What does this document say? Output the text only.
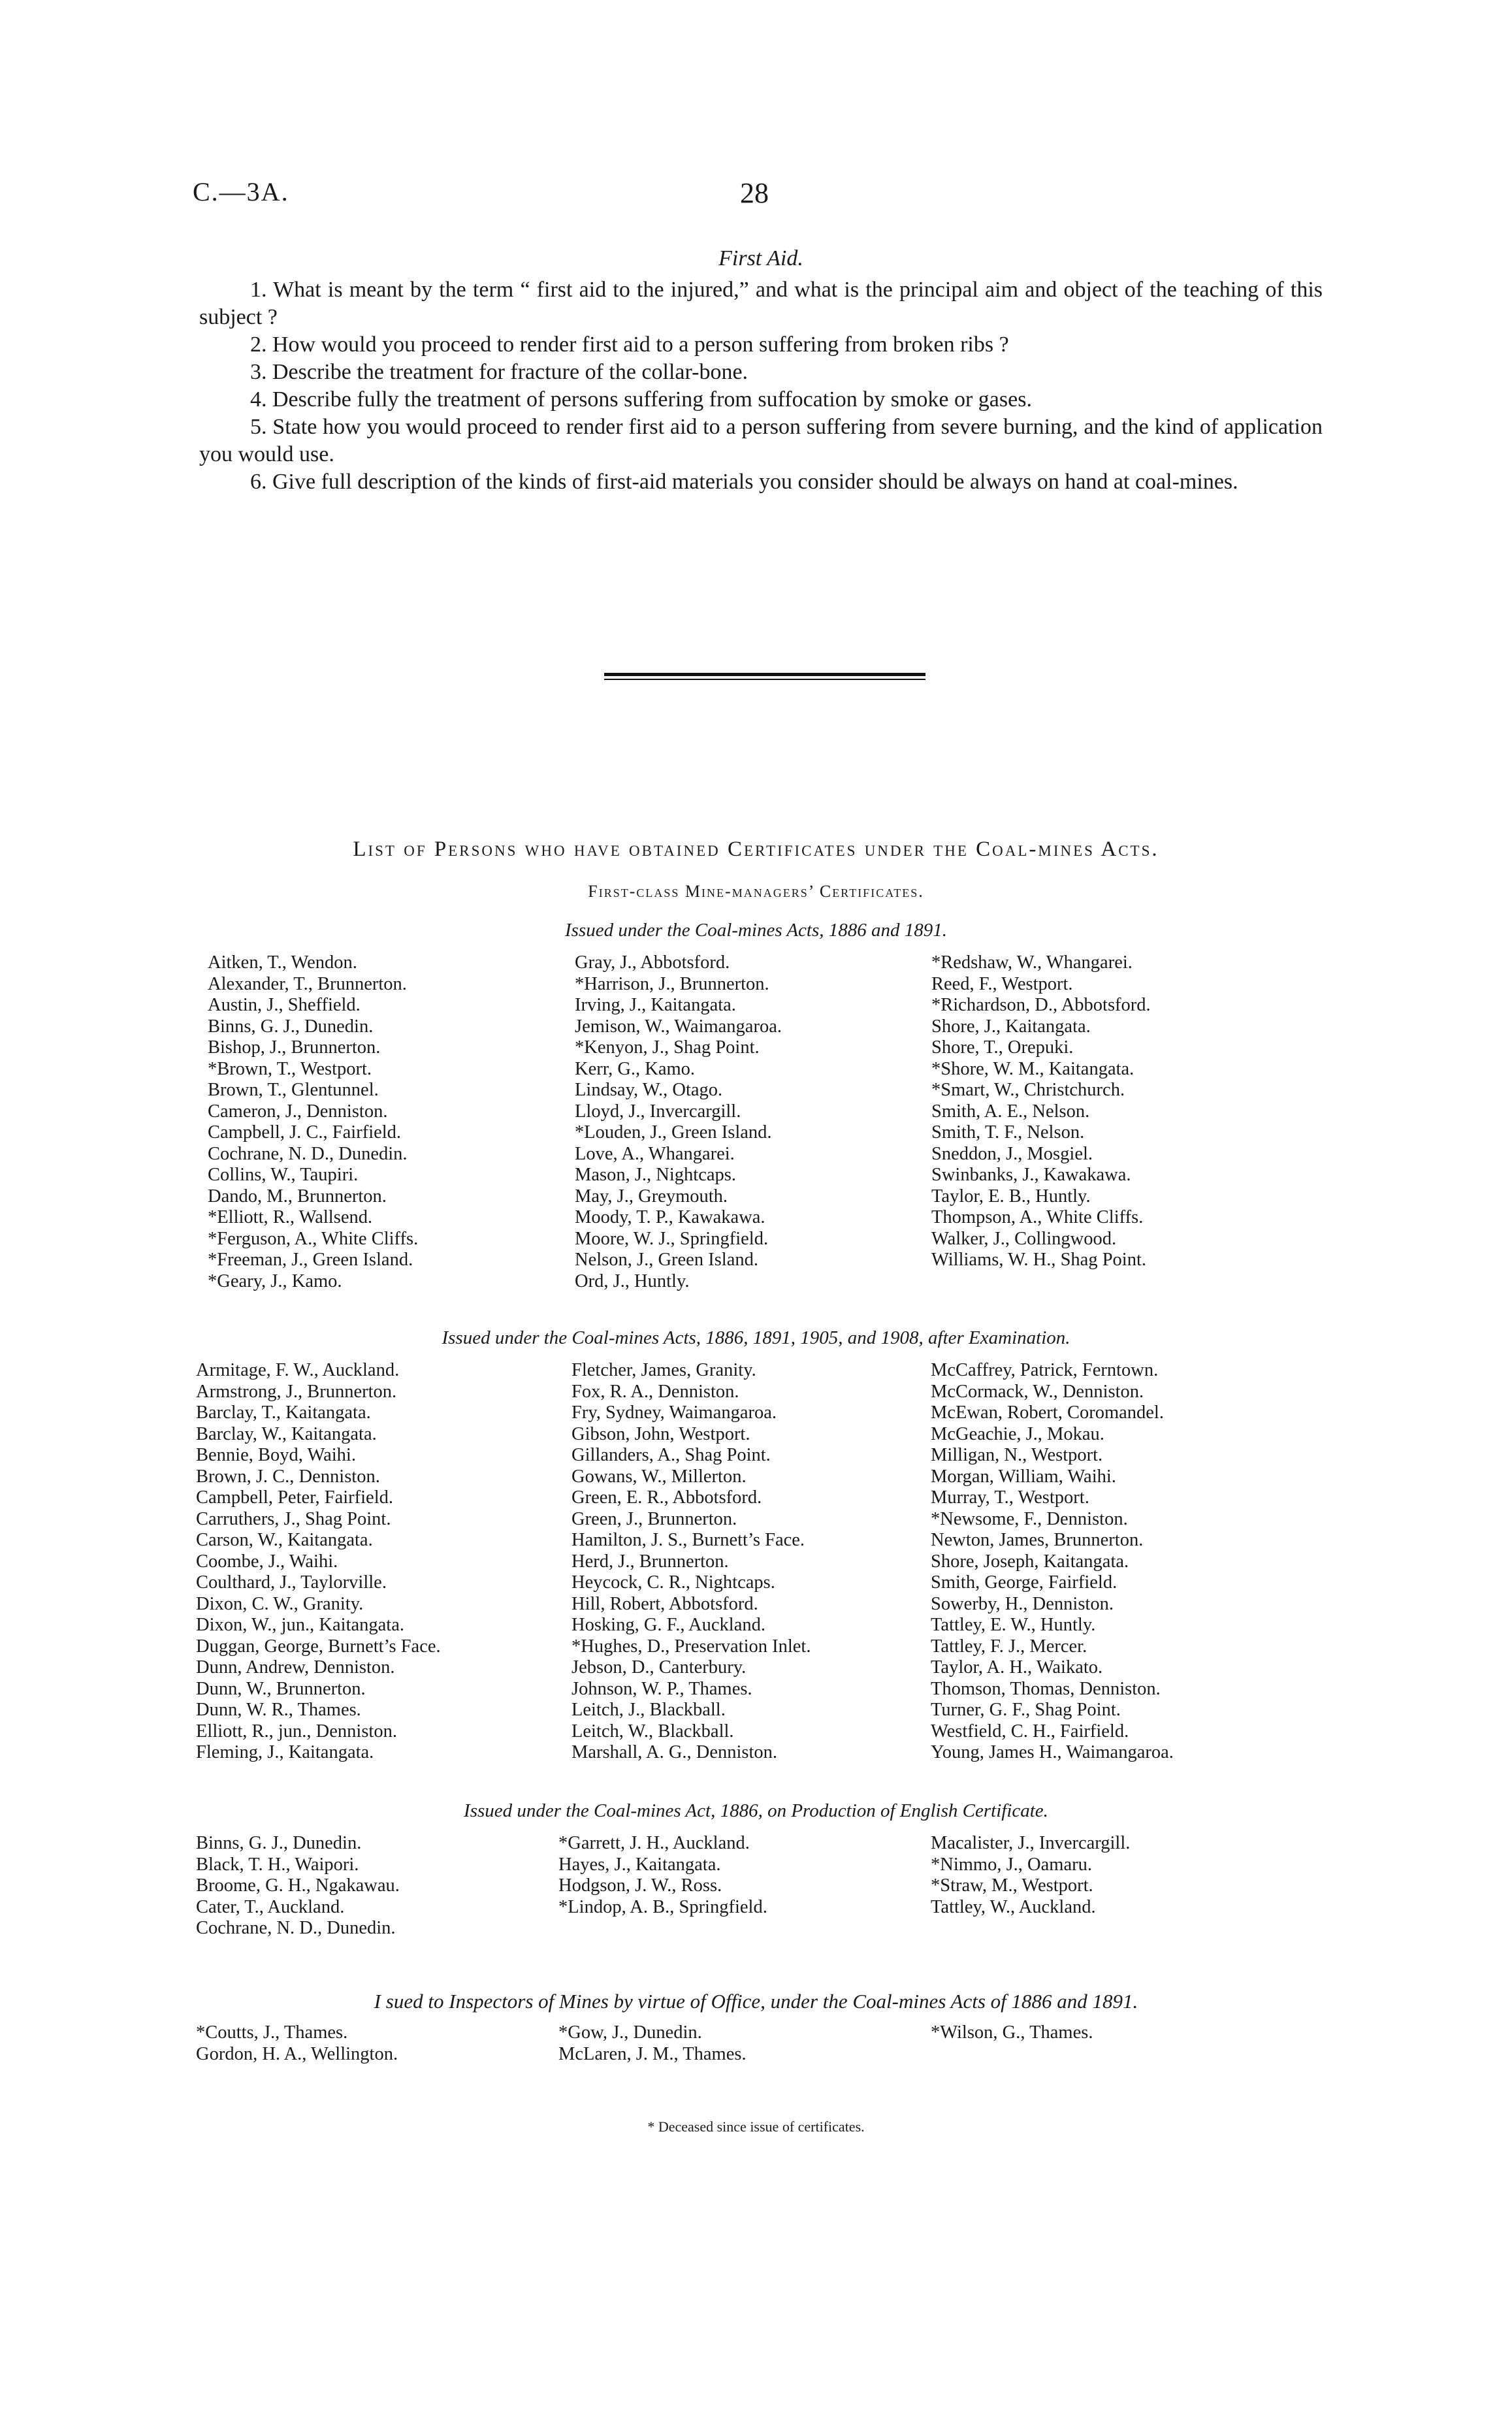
C.—3A.	28
First Aid.

1. What is meant by the term “ first aid to the injured,” and what is the principal aim and object of the teaching of this subject ?

2. How would you proceed to render first aid to a person suffering from broken ribs ?

3. Describe the treatment for fracture of the collar-bone.

4. Describe fully the treatment of persons suffering from suffocation by smoke or gases.

5. State how you would proceed to render first aid to a person suffering from severe burning, and the kind of application you would use.

6. Give full description of the kinds of first-aid materials you consider should be always on hand at coal-mines.

List of Persons who have obtained Certificates under the Coal-mines Acts.
First-class Mine-managers’ Certificates.
Issued under the Coal-mines Acts, 1886 and 1891.
Aitken, T., Wendon.
Alexander, T., Brunnerton.
Austin, J., Sheffield.
Binns, G. J., Dunedin.
Bishop, J., Brunnerton.
*Brown, T., Westport.
Brown, T., Glentunnel.
Cameron, J., Denniston.
Campbell, J. C., Fairfield.
Cochrane, N. D., Dunedin.
Collins, W., Taupiri.
Dando, M., Brunnerton.
*Elliott, R., Wallsend.
*Ferguson, A., White Cliffs.
*Freeman, J., Green Island.
*Geary, J., Kamo.
Gray, J., Abbotsford.
*Harrison, J., Brunnerton.
Irving, J., Kaitangata.
Jemison, W., Waimangaroa.
*Kenyon, J., Shag Point.
Kerr, G., Kamo.
Lindsay, W., Otago.
Lloyd, J., Invercargill.
*Louden, J., Green Island.
Love, A., Whangarei.
Mason, J., Nightcaps.
May, J., Greymouth.
Moody, T. P., Kawakawa.
Moore, W. J., Springfield.
Nelson, J., Green Island.
Ord, J., Huntly.
*Redshaw, W., Whangarei.
Reed, F., Westport.
*Richardson, D., Abbotsford.
Shore, J., Kaitangata.
Shore, T., Orepuki.
*Shore, W. M., Kaitangata.
*Smart, W., Christchurch.
Smith, A. E., Nelson.
Smith, T. F., Nelson.
Sneddon, J., Mosgiel.
Swinbanks, J., Kawakawa.
Taylor, E. B., Huntly.
Thompson, A., White Cliffs.
Walker, J., Collingwood.
Williams, W. H., Shag Point.
Issued under the Coal-mines Acts, 1886, 1891, 1905, and 1908, after Examination.
Armitage, F. W., Auckland.
Armstrong, J., Brunnerton.
Barclay, T., Kaitangata.
Barclay, W., Kaitangata.
Bennie, Boyd, Waihi.
Brown, J. C., Denniston.
Campbell, Peter, Fairfield.
Carruthers, J., Shag Point.
Carson, W., Kaitangata.
Coombe, J., Waihi.
Coulthard, J., Taylorville.
Dixon, C. W., Granity.
Dixon, W., jun., Kaitangata.
Duggan, George, Burnett’s Face.
Dunn, Andrew, Denniston.
Dunn, W., Brunnerton.
Dunn, W. R., Thames.
Elliott, R., jun., Denniston.
Fleming, J., Kaitangata.
Fletcher, James, Granity.
Fox, R. A., Denniston.
Fry, Sydney, Waimangaroa.
Gibson, John, Westport.
Gillanders, A., Shag Point.
Gowans, W., Millerton.
Green, E. R., Abbotsford.
Green, J., Brunnerton.
Hamilton, J. S., Burnett’s Face.
Herd, J., Brunnerton.
Heycock, C. R., Nightcaps.
Hill, Robert, Abbotsford.
Hosking, G. F., Auckland.
*Hughes, D., Preservation Inlet.
Jebson, D., Canterbury.
Johnson, W. P., Thames.
Leitch, J., Blackball.
Leitch, W., Blackball.
Marshall, A. G., Denniston.
McCaffrey, Patrick, Ferntown.
McCormack, W., Denniston.
McEwan, Robert, Coromandel.
McGeachie, J., Mokau.
Milligan, N., Westport.
Morgan, William, Waihi.
Murray, T., Westport.
*Newsome, F., Denniston.
Newton, James, Brunnerton.
Shore, Joseph, Kaitangata.
Smith, George, Fairfield.
Sowerby, H., Denniston.
Tattley, E. W., Huntly.
Tattley, F. J., Mercer.
Taylor, A. H., Waikato.
Thomson, Thomas, Denniston.
Turner, G. F., Shag Point.
Westfield, C. H., Fairfield.
Young, James H., Waimangaroa.
Issued under the Coal-mines Act, 1886, on Production of English Certificate.
Binns, G. J., Dunedin.
Black, T. H., Waipori.
Broome, G. H., Ngakawau.
Cater, T., Auckland.
Cochrane, N. D., Dunedin.
*Garrett, J. H., Auckland.
Hayes, J., Kaitangata.
Hodgson, J. W., Ross.
*Lindop, A. B., Springfield.
Macalister, J., Invercargill.
*Nimmo, J., Oamaru.
*Straw, M., Westport.
Tattley, W., Auckland.
I sued to Inspectors of Mines by virtue of Office, under the Coal-mines Acts of 1886 and 1891.
*Coutts, J., Thames.
Gordon, H. A., Wellington.
*Gow, J., Dunedin.
McLaren, J. M., Thames.
*Wilson, G., Thames.
* Deceased since issue of certificates.
